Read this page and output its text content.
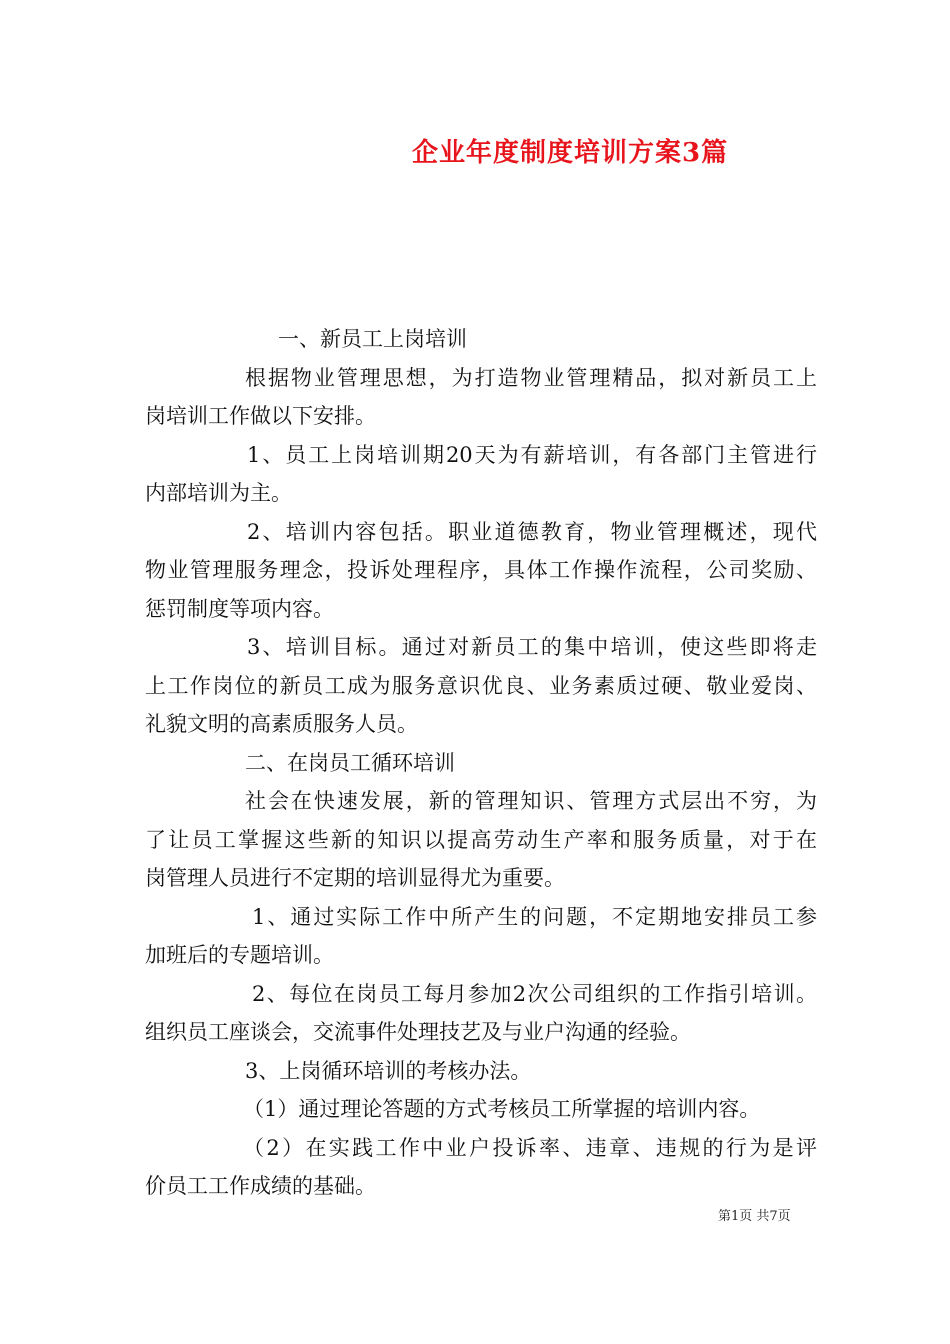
企业年度制度培训方案3篇
一、新员工上岗培训
根据物业管理思想，为打造物业管理精品，拟对新员工上
岗培训工作做以下安排。
1、员工上岗培训期20天为有薪培训，有各部门主管进行
内部培训为主。
2、培训内容包括。职业道德教育，物业管理概述，现代
物业管理服务理念，投诉处理程序，具体工作操作流程，公司奖励、
惩罚制度等项内容。
3、培训目标。通过对新员工的集中培训，使这些即将走
上工作岗位的新员工成为服务意识优良、业务素质过硬、敬业爱岗、
礼貌文明的高素质服务人员。
二、在岗员工循环培训
社会在快速发展，新的管理知识、管理方式层出不穷，为
了让员工掌握这些新的知识以提高劳动生产率和服务质量，对于在
岗管理人员进行不定期的培训显得尤为重要。
1、通过实际工作中所产生的问题，不定期地安排员工参
加班后的专题培训。
2、每位在岗员工每月参加2次公司组织的工作指引培训。
组织员工座谈会，交流事件处理技艺及与业户沟通的经验。
3、上岗循环培训的考核办法。
（1）通过理论答题的方式考核员工所掌握的培训内容。
（2）在实践工作中业户投诉率、违章、违规的行为是评
价员工工作成绩的基础。
第1页 共7页
